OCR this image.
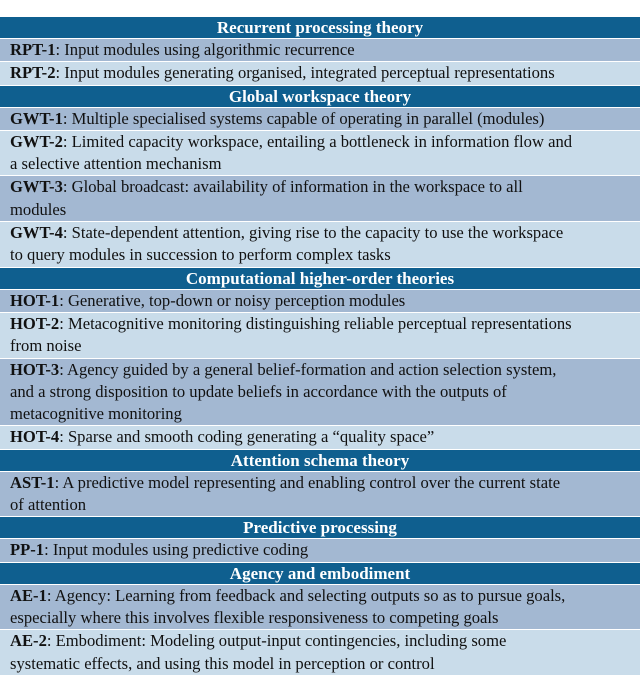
Recurrent processing theory
RPT-1: Input modules using algorithmic recurrence
RPT-2: Input modules generating organised, integrated perceptual representations
Global workspace theory
GWT-1: Multiple specialised systems capable of operating in parallel (modules)
GWT-2: Limited capacity workspace, entailing a bottleneck in information flow and
a selective attention mechanism
GWT-3: Global broadcast: availability of information in the workspace to all
modules
GWT-4: State-dependent attention, giving rise to the capacity to use the workspace
to query modules in succession to perform complex tasks
Computational higher-order theories
HOT-1: Generative, top-down or noisy perception modules
HOT-2: Metacognitive monitoring distinguishing reliable perceptual representations
from noise
HOT-3: Agency guided by a general belief-formation and action selection system,
and a strong disposition to update beliefs in accordance with the outputs of
metacognitive monitoring
HOT-4: Sparse and smooth coding generating a “quality space”
Attention schema theory
AST-1: A predictive model representing and enabling control over the current state
of attention
Predictive processing
PP-1: Input modules using predictive coding
Agency and embodiment
AE-1: Agency: Learning from feedback and selecting outputs so as to pursue goals,
especially where this involves flexible responsiveness to competing goals
AE-2: Embodiment: Modeling output-input contingencies, including some
systematic effects, and using this model in perception or control
